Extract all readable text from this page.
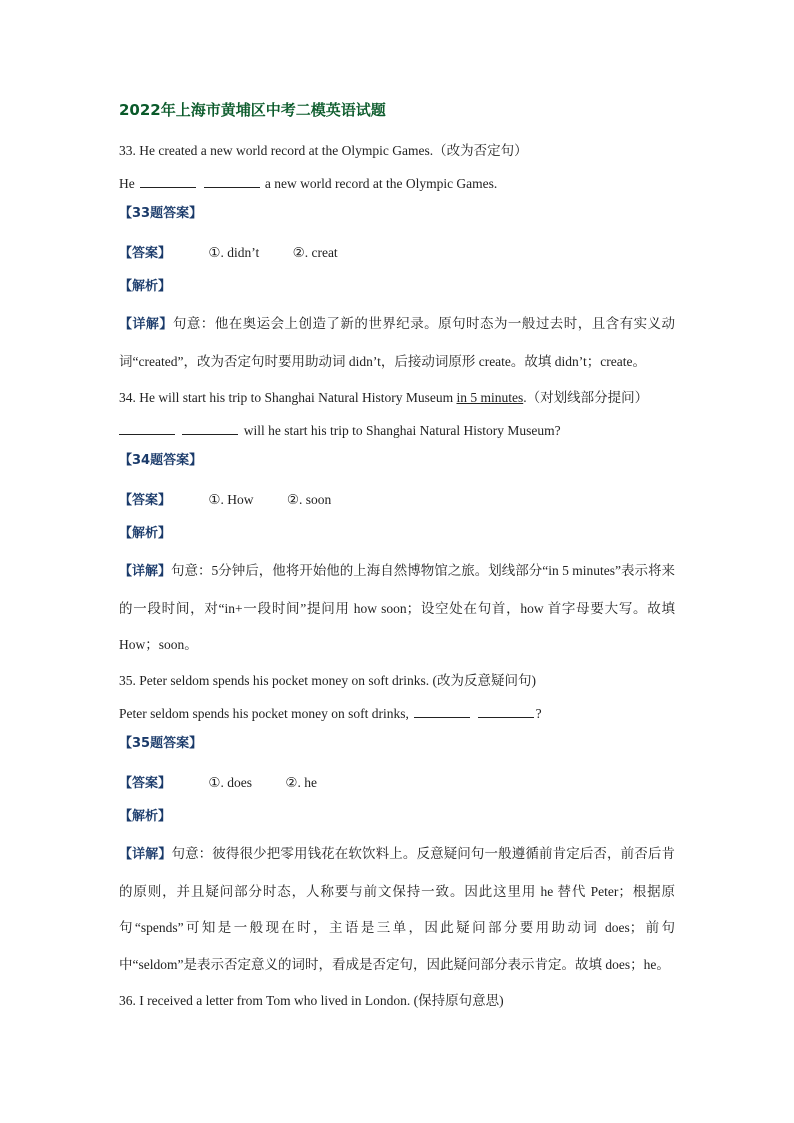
2022年上海市黄埔区中考二模英语试题
33. He created a new world record at the Olympic Games.（改为否定句）
He	a new world record at the Olympic Games.
【33题答案】
【答案】	①. didn’t ②. creat
【解析】
【详解】句意：他在奥运会上创造了新的世界纪录。原句时态为一般过去时，且含有实义动词“created”，改为否定句时要用助动词 didn’t，后接动词原形 create。故填 didn’t；create。
34. He will start his trip to Shanghai Natural History Museum in 5 minutes.（对划线部分提问）
will he start his trip to Shanghai Natural History Museum?
【34题答案】
【答案】	①. How ②. soon
【解析】
【详解】句意：5分钟后，他将开始他的上海自然博物馆之旅。划线部分“in 5 minutes”表示将来的一段时间，对“in+一段时间”提问用 how soon；设空处在句首，how 首字母要大写。故填 How；soon。
35. Peter seldom spends his pocket money on soft drinks. (改为反意疑问句)
Peter seldom spends his pocket money on soft drinks,	?
【35题答案】
【答案】	①. does ②. he
【解析】
【详解】句意：彼得很少把零用钱花在软饮料上。反意疑问句一般遵循前肯定后否，前否后肯的原则，并且疑问部分时态，人称要与前文保持一致。因此这里用 he 替代 Peter；根据原句“spends”可知是一般现在时，主语是三单，因此疑问部分要用助动词 does；前句中“seldom”是表示否定意义的词时，看成是否定句，因此疑问部分表示肯定。故填 does；he。
36. I received a letter from Tom who lived in London. (保持原句意思)
